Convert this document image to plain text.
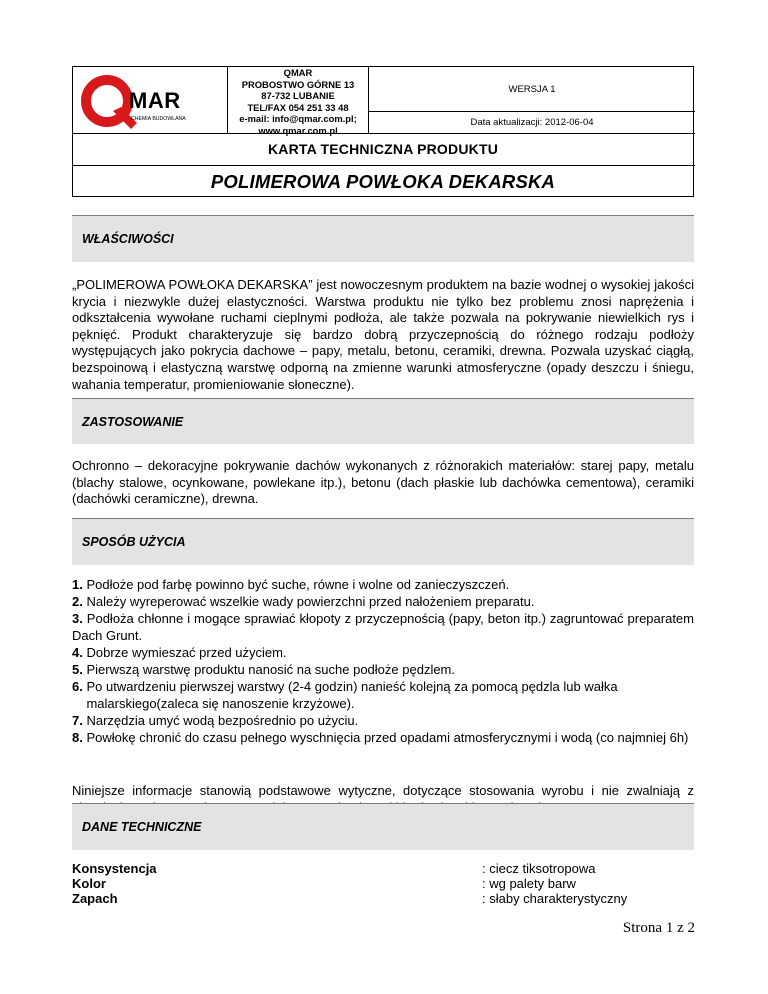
MAR
CHEMIA BUDOWLANA
QMAR
PROBOSTWO GÓRNE 13
87-732 LUBANIE
TEL/FAX 054 251 33 48
e-mail: info@qmar.com.pl;
www.qmar.com.pl
WERSJA 1
Data aktualizacji: 2012-06-04
KARTA TECHNICZNA PRODUKTU
POLIMEROWA POWŁOKA DEKARSKA
WŁAŚCIWOŚCI
„POLIMEROWA POWŁOKA DEKARSKA” jest nowoczesnym produktem na bazie wodnej o wysokiej jakości krycia i niezwykle dużej elastyczności. Warstwa produktu nie tylko bez problemu znosi naprężenia i odkształcenia wywołane ruchami cieplnymi podłoża, ale także pozwala na pokrywanie niewielkich rys i pęknięć. Produkt charakteryzuje się bardzo dobrą przyczepnością do różnego rodzaju podłoży występujących jako pokrycia dachowe – papy, metalu, betonu, ceramiki, drewna. Pozwala uzyskać ciągłą, bezspoinową i elastyczną warstwę odporną na zmienne warunki atmosferyczne (opady deszczu i śniegu, wahania temperatur, promieniowanie słoneczne).
ZASTOSOWANIE
Ochronno – dekoracyjne pokrywanie dachów wykonanych z różnorakich materiałów: starej papy, metalu (blachy stalowe, ocynkowane, powlekane itp.), betonu (dach płaskie lub dachówka cementowa), ceramiki (dachówki ceramiczne), drewna.
SPOSÓB UŻYCIA
1. Podłoże pod farbę powinno być suche, równe i wolne od zanieczyszczeń.
2. Należy wyreperować wszelkie wady powierzchni przed nałożeniem preparatu.
3. Podłoża chłonne i mogące sprawiać kłopoty z przyczepnością (papy, beton itp.) zagruntować preparatem Dach Grunt.
4. Dobrze wymieszać przed użyciem.
5. Pierwszą warstwę produktu nanosić na suche podłoże pędzlem.
6. Po utwardzeniu pierwszej warstwy (2-4 godzin) nanieść kolejną za pomocą pędzla lub wałka malarskiego(zaleca się nanoszenie krzyżowe).
7. Narzędzia umyć wodą bezpośrednio po użyciu.
8. Powłokę chronić do czasu pełnego wyschnięcia przed opadami atmosferycznymi i wodą (co najmniej 6h)
Niniejsze informacje stanowią podstawowe wytyczne, dotyczące stosowania wyrobu i nie zwalniają z
DANE TECHNICZNE
Konsystencja	: ciecz tiksotropowa
Kolor	: wg palety barw
Zapach	: słaby charakterystyczny
Strona 1 z 2
